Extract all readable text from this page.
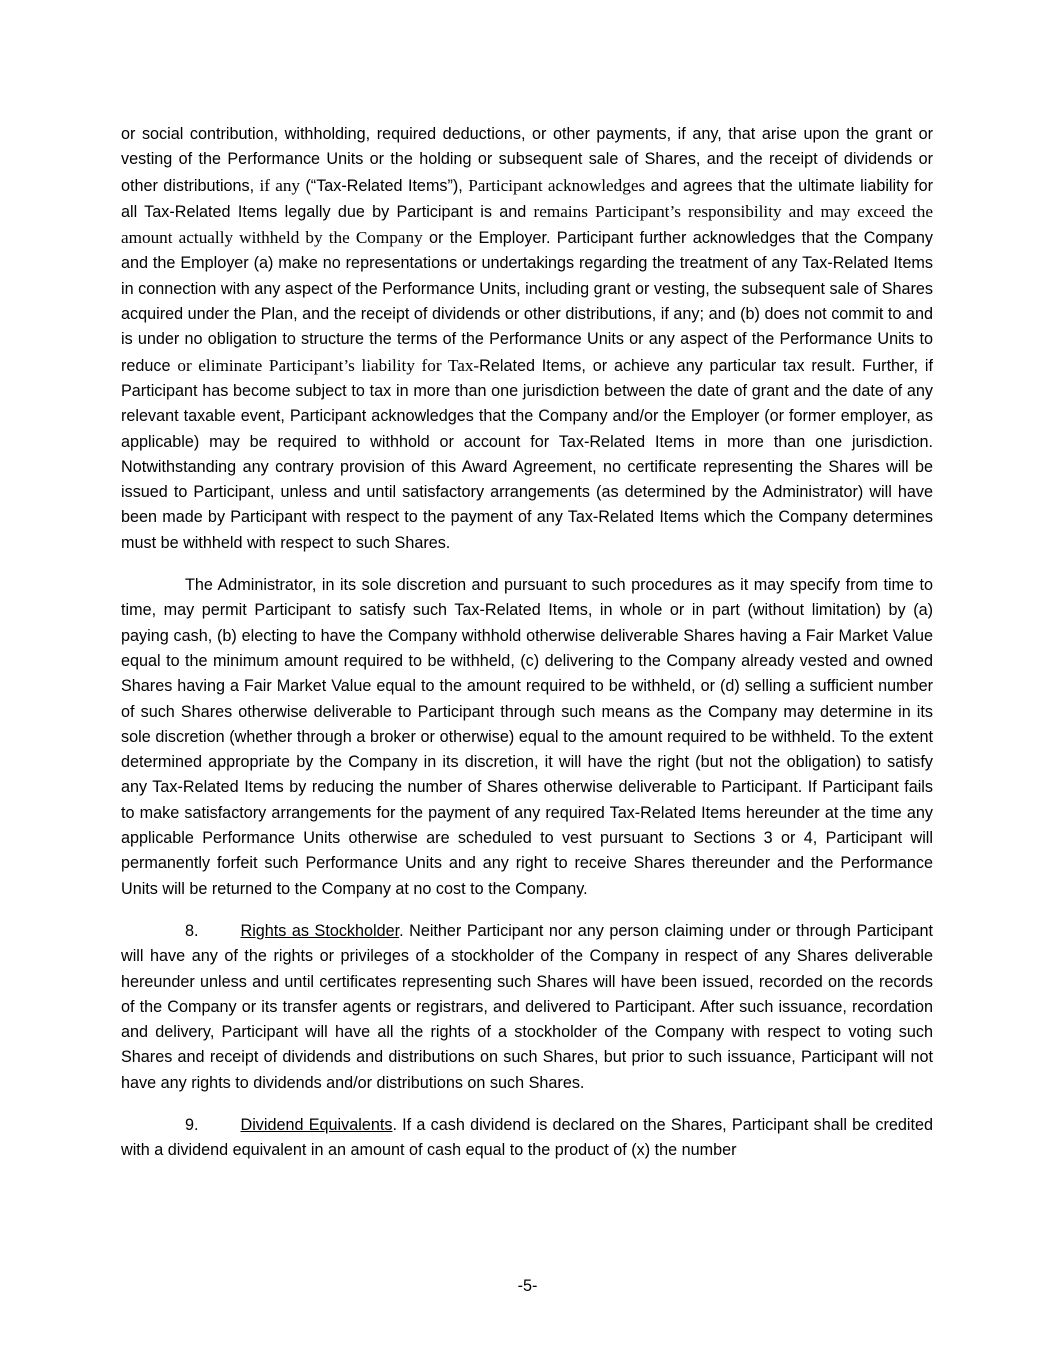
or social contribution, withholding, required deductions, or other payments, if any, that arise upon the grant or vesting of the Performance Units or the holding or subsequent sale of Shares, and the receipt of dividends or other distributions, if any (“Tax-Related Items”), Participant acknowledges and agrees that the ultimate liability for all Tax-Related Items legally due by Participant is and remains Participant’s responsibility and may exceed the amount actually withheld by the Company or the Employer. Participant further acknowledges that the Company and the Employer (a) make no representations or undertakings regarding the treatment of any Tax-Related Items in connection with any aspect of the Performance Units, including grant or vesting, the subsequent sale of Shares acquired under the Plan, and the receipt of dividends or other distributions, if any; and (b) does not commit to and is under no obligation to structure the terms of the Performance Units or any aspect of the Performance Units to reduce or eliminate Participant’s liability for Tax-Related Items, or achieve any particular tax result. Further, if Participant has become subject to tax in more than one jurisdiction between the date of grant and the date of any relevant taxable event, Participant acknowledges that the Company and/or the Employer (or former employer, as applicable) may be required to withhold or account for Tax-Related Items in more than one jurisdiction. Notwithstanding any contrary provision of this Award Agreement, no certificate representing the Shares will be issued to Participant, unless and until satisfactory arrangements (as determined by the Administrator) will have been made by Participant with respect to the payment of any Tax-Related Items which the Company determines must be withheld with respect to such Shares.

The Administrator, in its sole discretion and pursuant to such procedures as it may specify from time to time, may permit Participant to satisfy such Tax-Related Items, in whole or in part (without limitation) by (a) paying cash, (b) electing to have the Company withhold otherwise deliverable Shares having a Fair Market Value equal to the minimum amount required to be withheld, (c) delivering to the Company already vested and owned Shares having a Fair Market Value equal to the amount required to be withheld, or (d) selling a sufficient number of such Shares otherwise deliverable to Participant through such means as the Company may determine in its sole discretion (whether through a broker or otherwise) equal to the amount required to be withheld. To the extent determined appropriate by the Company in its discretion, it will have the right (but not the obligation) to satisfy any Tax-Related Items by reducing the number of Shares otherwise deliverable to Participant. If Participant fails to make satisfactory arrangements for the payment of any required Tax-Related Items hereunder at the time any applicable Performance Units otherwise are scheduled to vest pursuant to Sections 3 or 4, Participant will permanently forfeit such Performance Units and any right to receive Shares thereunder and the Performance Units will be returned to the Company at no cost to the Company.

8.	Rights as Stockholder. Neither Participant nor any person claiming under or through Participant will have any of the rights or privileges of a stockholder of the Company in respect of any Shares deliverable hereunder unless and until certificates representing such Shares will have been issued, recorded on the records of the Company or its transfer agents or registrars, and delivered to Participant. After such issuance, recordation and delivery, Participant will have all the rights of a stockholder of the Company with respect to voting such Shares and receipt of dividends and distributions on such Shares, but prior to such issuance, Participant will not have any rights to dividends and/or distributions on such Shares.

9.	Dividend Equivalents. If a cash dividend is declared on the Shares, Participant shall be credited with a dividend equivalent in an amount of cash equal to the product of (x) the number

-5-
